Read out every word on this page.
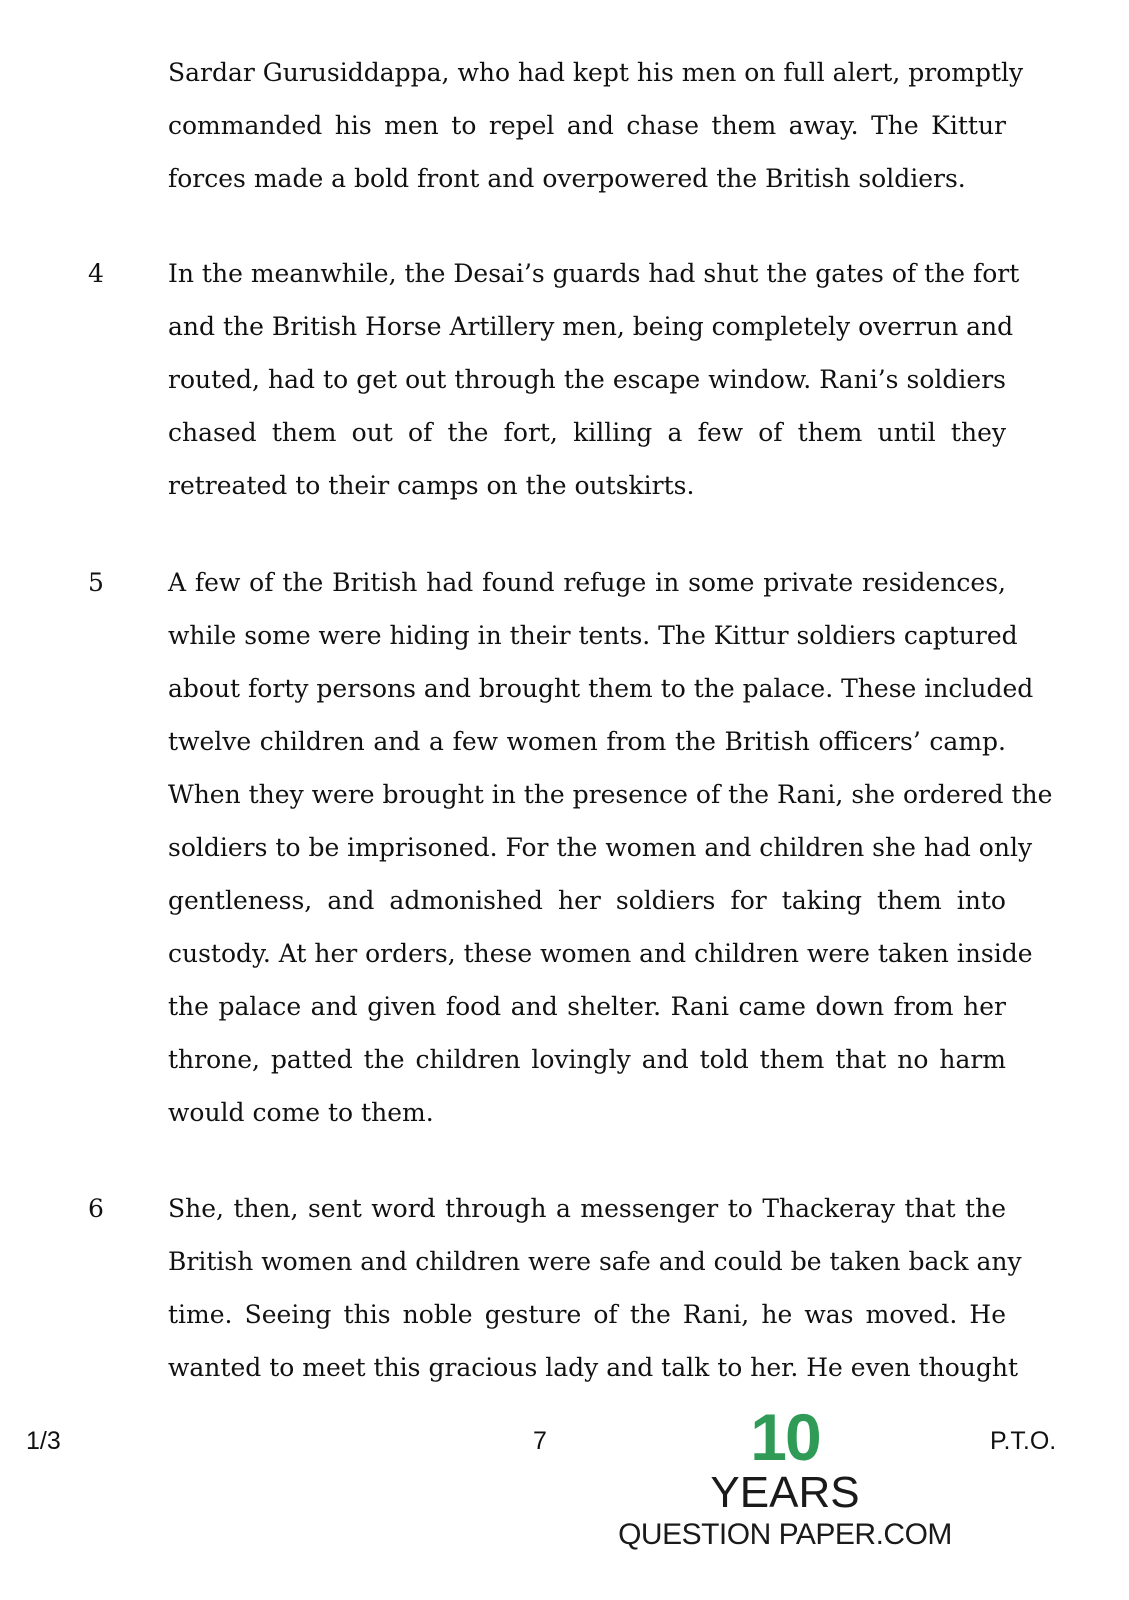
Sardar Gurusiddappa, who had kept his men on full alert, promptly
commanded his men to repel and chase them away. The Kittur
forces made a bold front and overpowered the British soldiers.
4	In the meanwhile, the Desai’s guards had shut the gates of the fort
and the British Horse Artillery men, being completely overrun and
routed, had to get out through the escape window. Rani’s soldiers
chased them out of the fort, killing a few of them until they
retreated to their camps on the outskirts.
5	A few of the British had found refuge in some private residences,
while some were hiding in their tents. The Kittur soldiers captured
about forty persons and brought them to the palace. These included
twelve children and a few women from the British officers’ camp.
When they were brought in the presence of the Rani, she ordered the
soldiers to be imprisoned. For the women and children she had only
gentleness, and admonished her soldiers for taking them into
custody. At her orders, these women and children were taken inside
the palace and given food and shelter. Rani came down from her
throne, patted the children lovingly and told them that no harm
would come to them.
6	She, then, sent word through a messenger to Thackeray that the
British women and children were safe and could be taken back any
time. Seeing this noble gesture of the Rani, he was moved. He
wanted to meet this gracious lady and talk to her. He even thought
1/3	7	P.T.O.
10
YEARS
QUESTION PAPER.COM
